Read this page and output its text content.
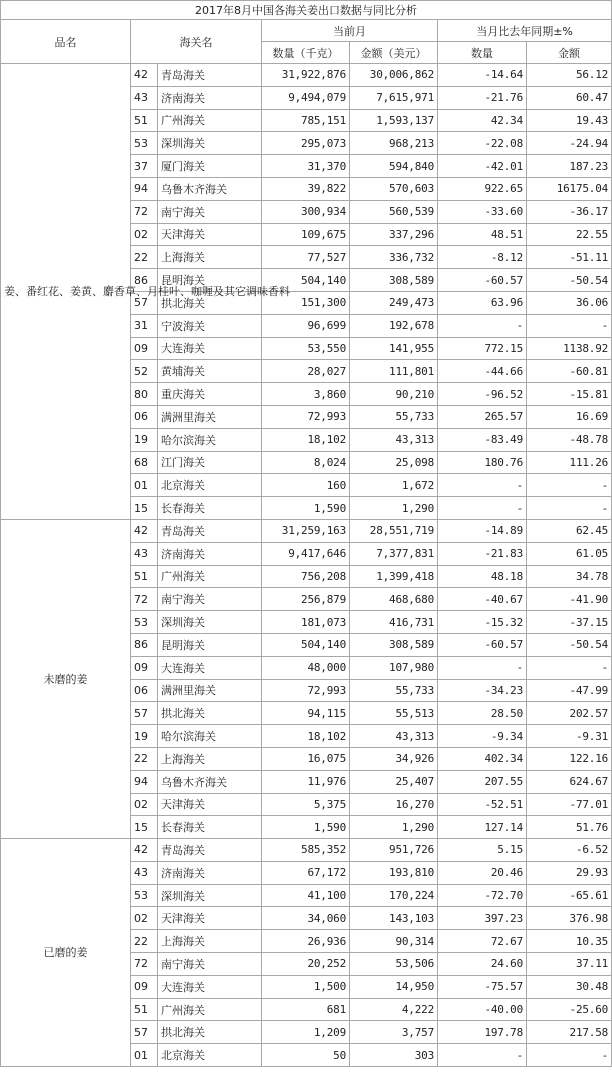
2017年8月中国各海关姜出口数据与同比分析						
品名	海关名		当前月		当月比去年同期±%	
			数量（千克）	金额（美元）	数量	金额
姜、番红花、姜黄、麝香草、月桂叶、咖喱及其它调味香料	42	青岛海关	31,922,876	30,006,862	-14.64	56.12
	43	济南海关	9,494,079	7,615,971	-21.76	60.47
	51	广州海关	785,151	1,593,137	42.34	19.43
	53	深圳海关	295,073	968,213	-22.08	-24.94
	37	厦门海关	31,370	594,840	-42.01	187.23
	94	乌鲁木齐海关	39,822	570,603	922.65	16175.04
	72	南宁海关	300,934	560,539	-33.60	-36.17
	02	天津海关	109,675	337,296	48.51	22.55
	22	上海海关	77,527	336,732	-8.12	-51.11
	86	昆明海关	504,140	308,589	-60.57	-50.54
	57	拱北海关	151,300	249,473	63.96	36.06
	31	宁波海关	96,699	192,678	-	-
	09	大连海关	53,550	141,955	772.15	1138.92
	52	黄埔海关	28,027	111,801	-44.66	-60.81
	80	重庆海关	3,860	90,210	-96.52	-15.81
	06	满洲里海关	72,993	55,733	265.57	16.69
	19	哈尔滨海关	18,102	43,313	-83.49	-48.78
	68	江门海关	8,024	25,098	180.76	111.26
	01	北京海关	160	1,672	-	-
	15	长春海关	1,590	1,290	-	-
未磨的姜	42	青岛海关	31,259,163	28,551,719	-14.89	62.45
	43	济南海关	9,417,646	7,377,831	-21.83	61.05
	51	广州海关	756,208	1,399,418	48.18	34.78
	72	南宁海关	256,879	468,680	-40.67	-41.90
	53	深圳海关	181,073	416,731	-15.32	-37.15
	86	昆明海关	504,140	308,589	-60.57	-50.54
	09	大连海关	48,000	107,980	-	-
	06	满洲里海关	72,993	55,733	-34.23	-47.99
	57	拱北海关	94,115	55,513	28.50	202.57
	19	哈尔滨海关	18,102	43,313	-9.34	-9.31
	22	上海海关	16,075	34,926	402.34	122.16
	94	乌鲁木齐海关	11,976	25,407	207.55	624.67
	02	天津海关	5,375	16,270	-52.51	-77.01
	15	长春海关	1,590	1,290	127.14	51.76
已磨的姜	42	青岛海关	585,352	951,726	5.15	-6.52
	43	济南海关	67,172	193,810	20.46	29.93
	53	深圳海关	41,100	170,224	-72.70	-65.61
	02	天津海关	34,060	143,103	397.23	376.98
	22	上海海关	26,936	90,314	72.67	10.35
	72	南宁海关	20,252	53,506	24.60	37.11
	09	大连海关	1,500	14,950	-75.57	30.48
	51	广州海关	681	4,222	-40.00	-25.60
	57	拱北海关	1,209	3,757	197.78	217.58
	01	北京海关	50	303	-	-
